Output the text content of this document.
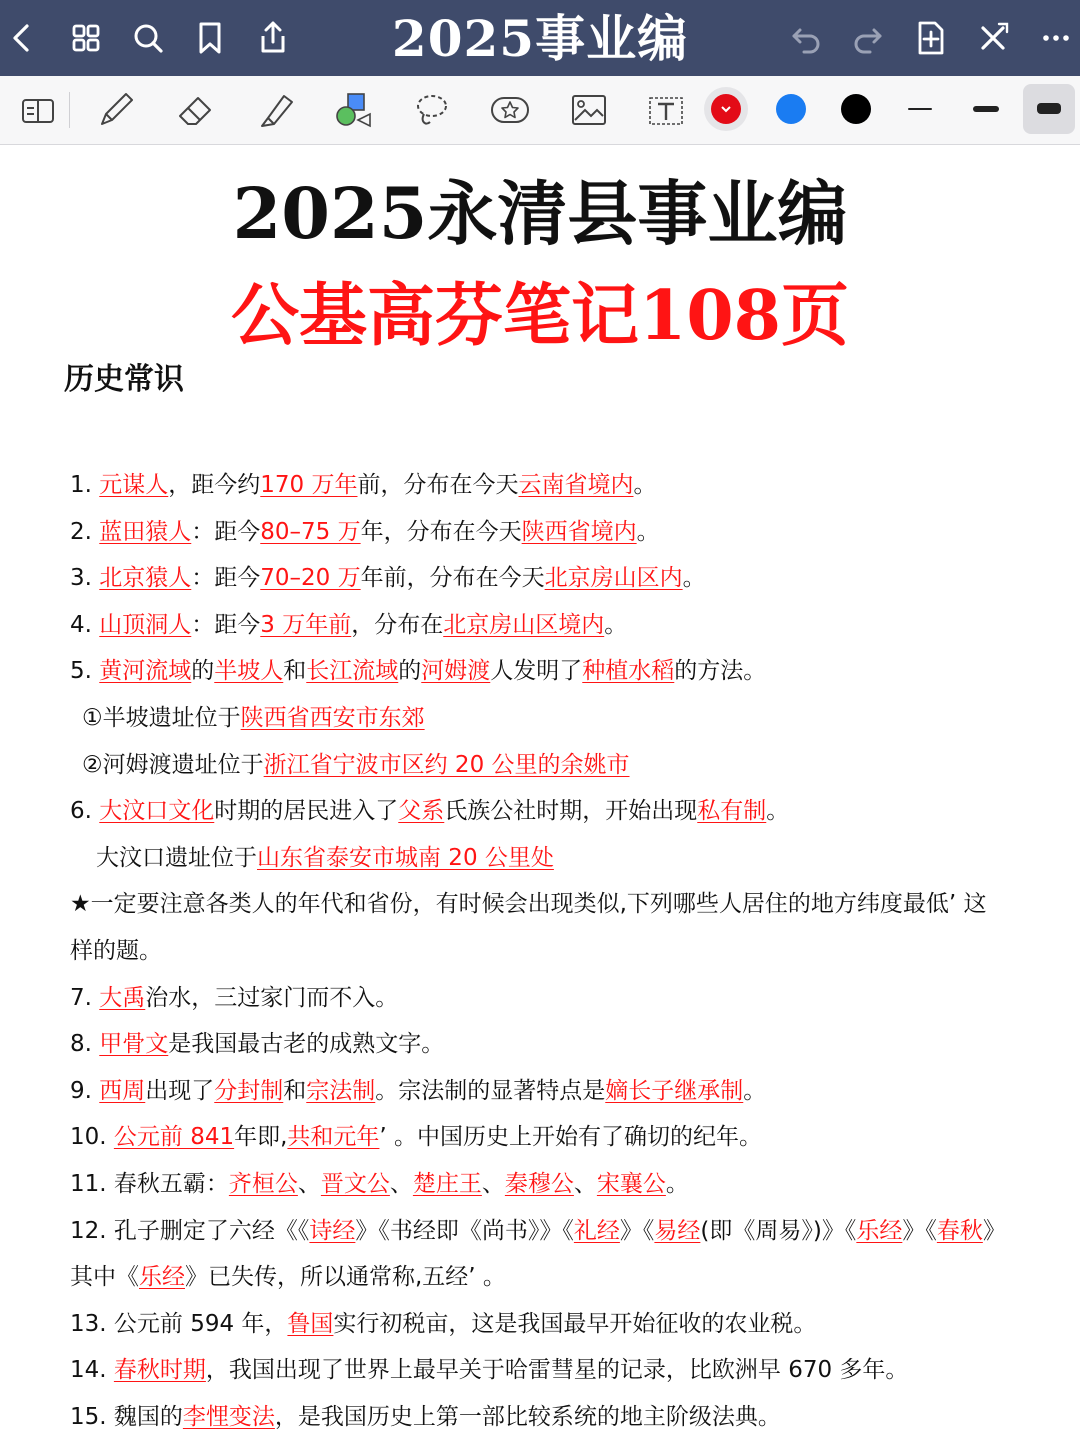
2025事业编
2025永清县事业编
公基高芬笔记108页
历史常识
1. 元谋人，距今约170 万年前，分布在今天云南省境内。
2. 蓝田猿人：距今80–75 万年，分布在今天陕西省境内。
3. 北京猿人：距今70–20 万年前，分布在今天北京房山区内。
4. 山顶洞人：距今3 万年前，分布在北京房山区境内。
5. 黄河流域的半坡人和长江流域的河姆渡人发明了种植水稻的方法。
①半坡遗址位于陕西省西安市东郊
②河姆渡遗址位于浙江省宁波市区约 20 公里的余姚市
6. 大汶口文化时期的居民进入了父系氏族公社时期，开始出现私有制。
大汶口遗址位于山东省泰安市城南 20 公里处
★一定要注意各类人的年代和省份，有时候会出现类似,下列哪些人居住的地方纬度最低’ 这
样的题。
7. 大禹治水，三过家门而不入。
8. 甲骨文是我国最古老的成熟文字。
9. 西周出现了分封制和宗法制。宗法制的显著特点是嫡长子继承制。
10. 公元前 841年即,共和元年’ 。中国历史上开始有了确切的纪年。
11. 春秋五霸：齐桓公、晋文公、楚庄王、秦穆公、宋襄公。
12. 孔子删定了六经《《诗经》《书经即《尚书》》《礼经》《易经(即《周易》)》《乐经》《春秋》
其中《乐经》已失传，所以通常称,五经’ 。
13. 公元前 594 年，鲁国实行初税亩，这是我国最早开始征收的农业税。
14. 春秋时期，我国出现了世界上最早关于哈雷彗星的记录，比欧洲早 670 多年。
15. 魏国的李悝变法，是我国历史上第一部比较系统的地主阶级法典。
